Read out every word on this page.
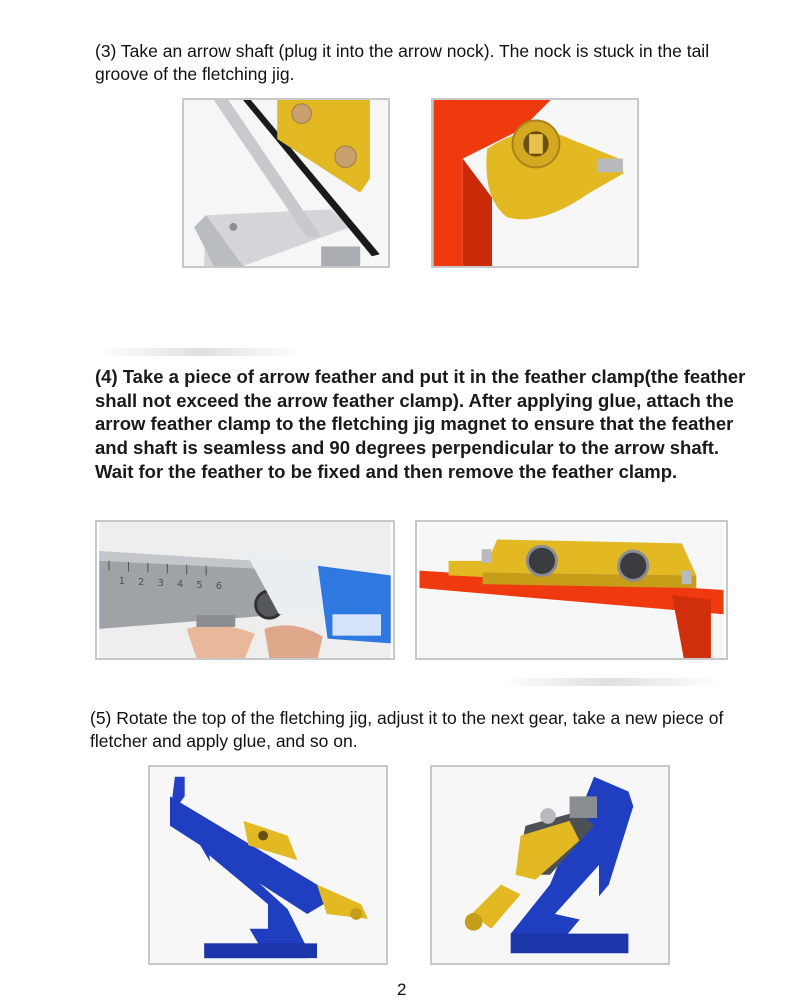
(3) Take an arrow shaft (plug it into the arrow nock). The nock is stuck in the tail groove of the fletching jig.

(4) Take a piece of arrow feather and put it in the feather clamp(the feather shall not exceed the arrow feather clamp). After applying glue, attach the arrow feather clamp to the fletching jig magnet to ensure that the feather and shaft is seamless and 90 degrees perpendicular to the arrow shaft. Wait for the feather to be fixed and then remove the feather clamp.

1 2 3 4 5 6

(5) Rotate the top of the fletching jig, adjust it to the next gear, take a new piece of fletcher and apply glue, and so on.

2
